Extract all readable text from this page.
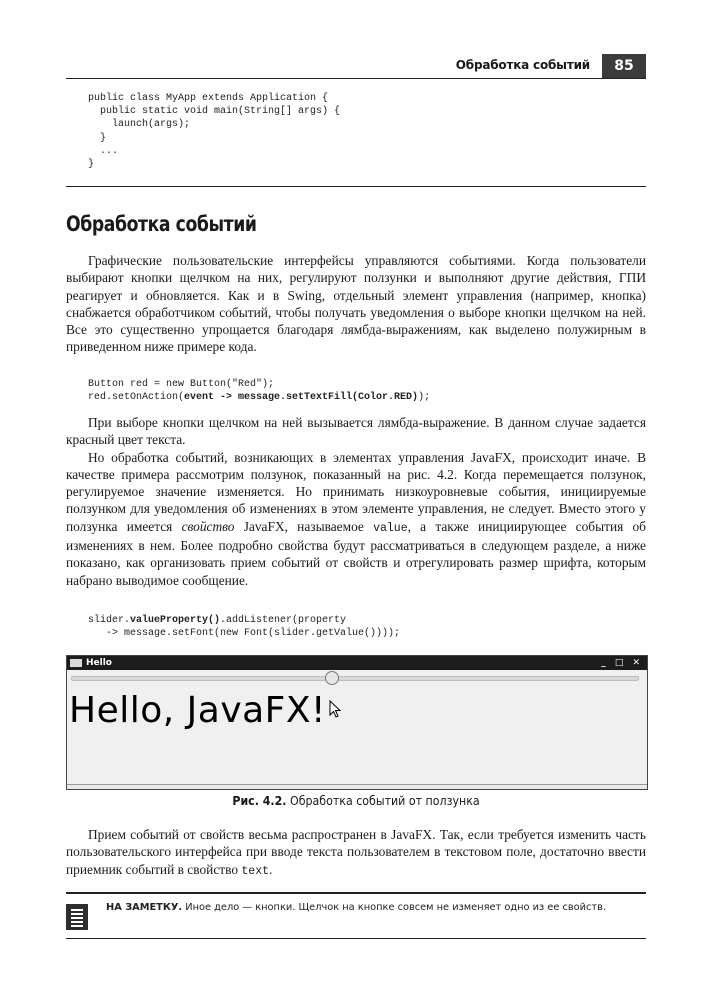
Обработка событий	85
public class MyApp extends Application {
public static void main(String[] args) {
launch(args);
}
...
}
Обработка событий

Графические пользовательские интерфейсы управляются событиями. Когда пользователи выбирают кнопки щелчком на них, регулируют ползунки и выполняют другие действия, ГПИ реагирует и обновляется. Как и в Swing, отдельный элемент управления (например, кнопка) снабжается обработчиком событий, чтобы получать уведомления о выборе кнопки щелчком на ней. Все это существенно упрощается благодаря лямбда-выражениям, как выделено полужирным в приведенном ниже примере кода.

Button red = new Button("Red");
red.setOnAction(event -> message.setTextFill(Color.RED));

При выборе кнопки щелчком на ней вызывается лямбда-выражение. В данном случае задается красный цвет текста.

Но обработка событий, возникающих в элементах управления JavaFX, происходит иначе. В качестве примера рассмотрим ползунок, показанный на рис. 4.2. Когда перемещается ползунок, регулируемое значение изменяется. Но принимать низкоуровневые события, инициируемые ползунком для уведомления об изменениях в этом элементе управления, не следует. Вместо этого у ползунка имеется свойство JavaFX, называемое value, а также инициирующее события об изменениях в нем. Более подробно свойства будут рассматриваться в следующем разделе, а ниже показано, как организовать прием событий от свойств и отрегулировать размер шрифта, которым набрано выводимое сообщение.

slider.valueProperty().addListener(property
-> message.setFont(new Font(slider.getValue())));
Hello	_ □ ✕
Hello, JavaFX!
Рис. 4.2. Обработка событий от ползунка

Прием событий от свойств весьма распространен в JavaFX. Так, если требуется изменить часть пользовательского интерфейса при вводе текста пользователем в текстовом поле, достаточно ввести приемник событий в свойство text.

НА ЗАМЕТКУ. Иное дело — кнопки. Щелчок на кнопке совсем не изменяет одно из ее свойств.
